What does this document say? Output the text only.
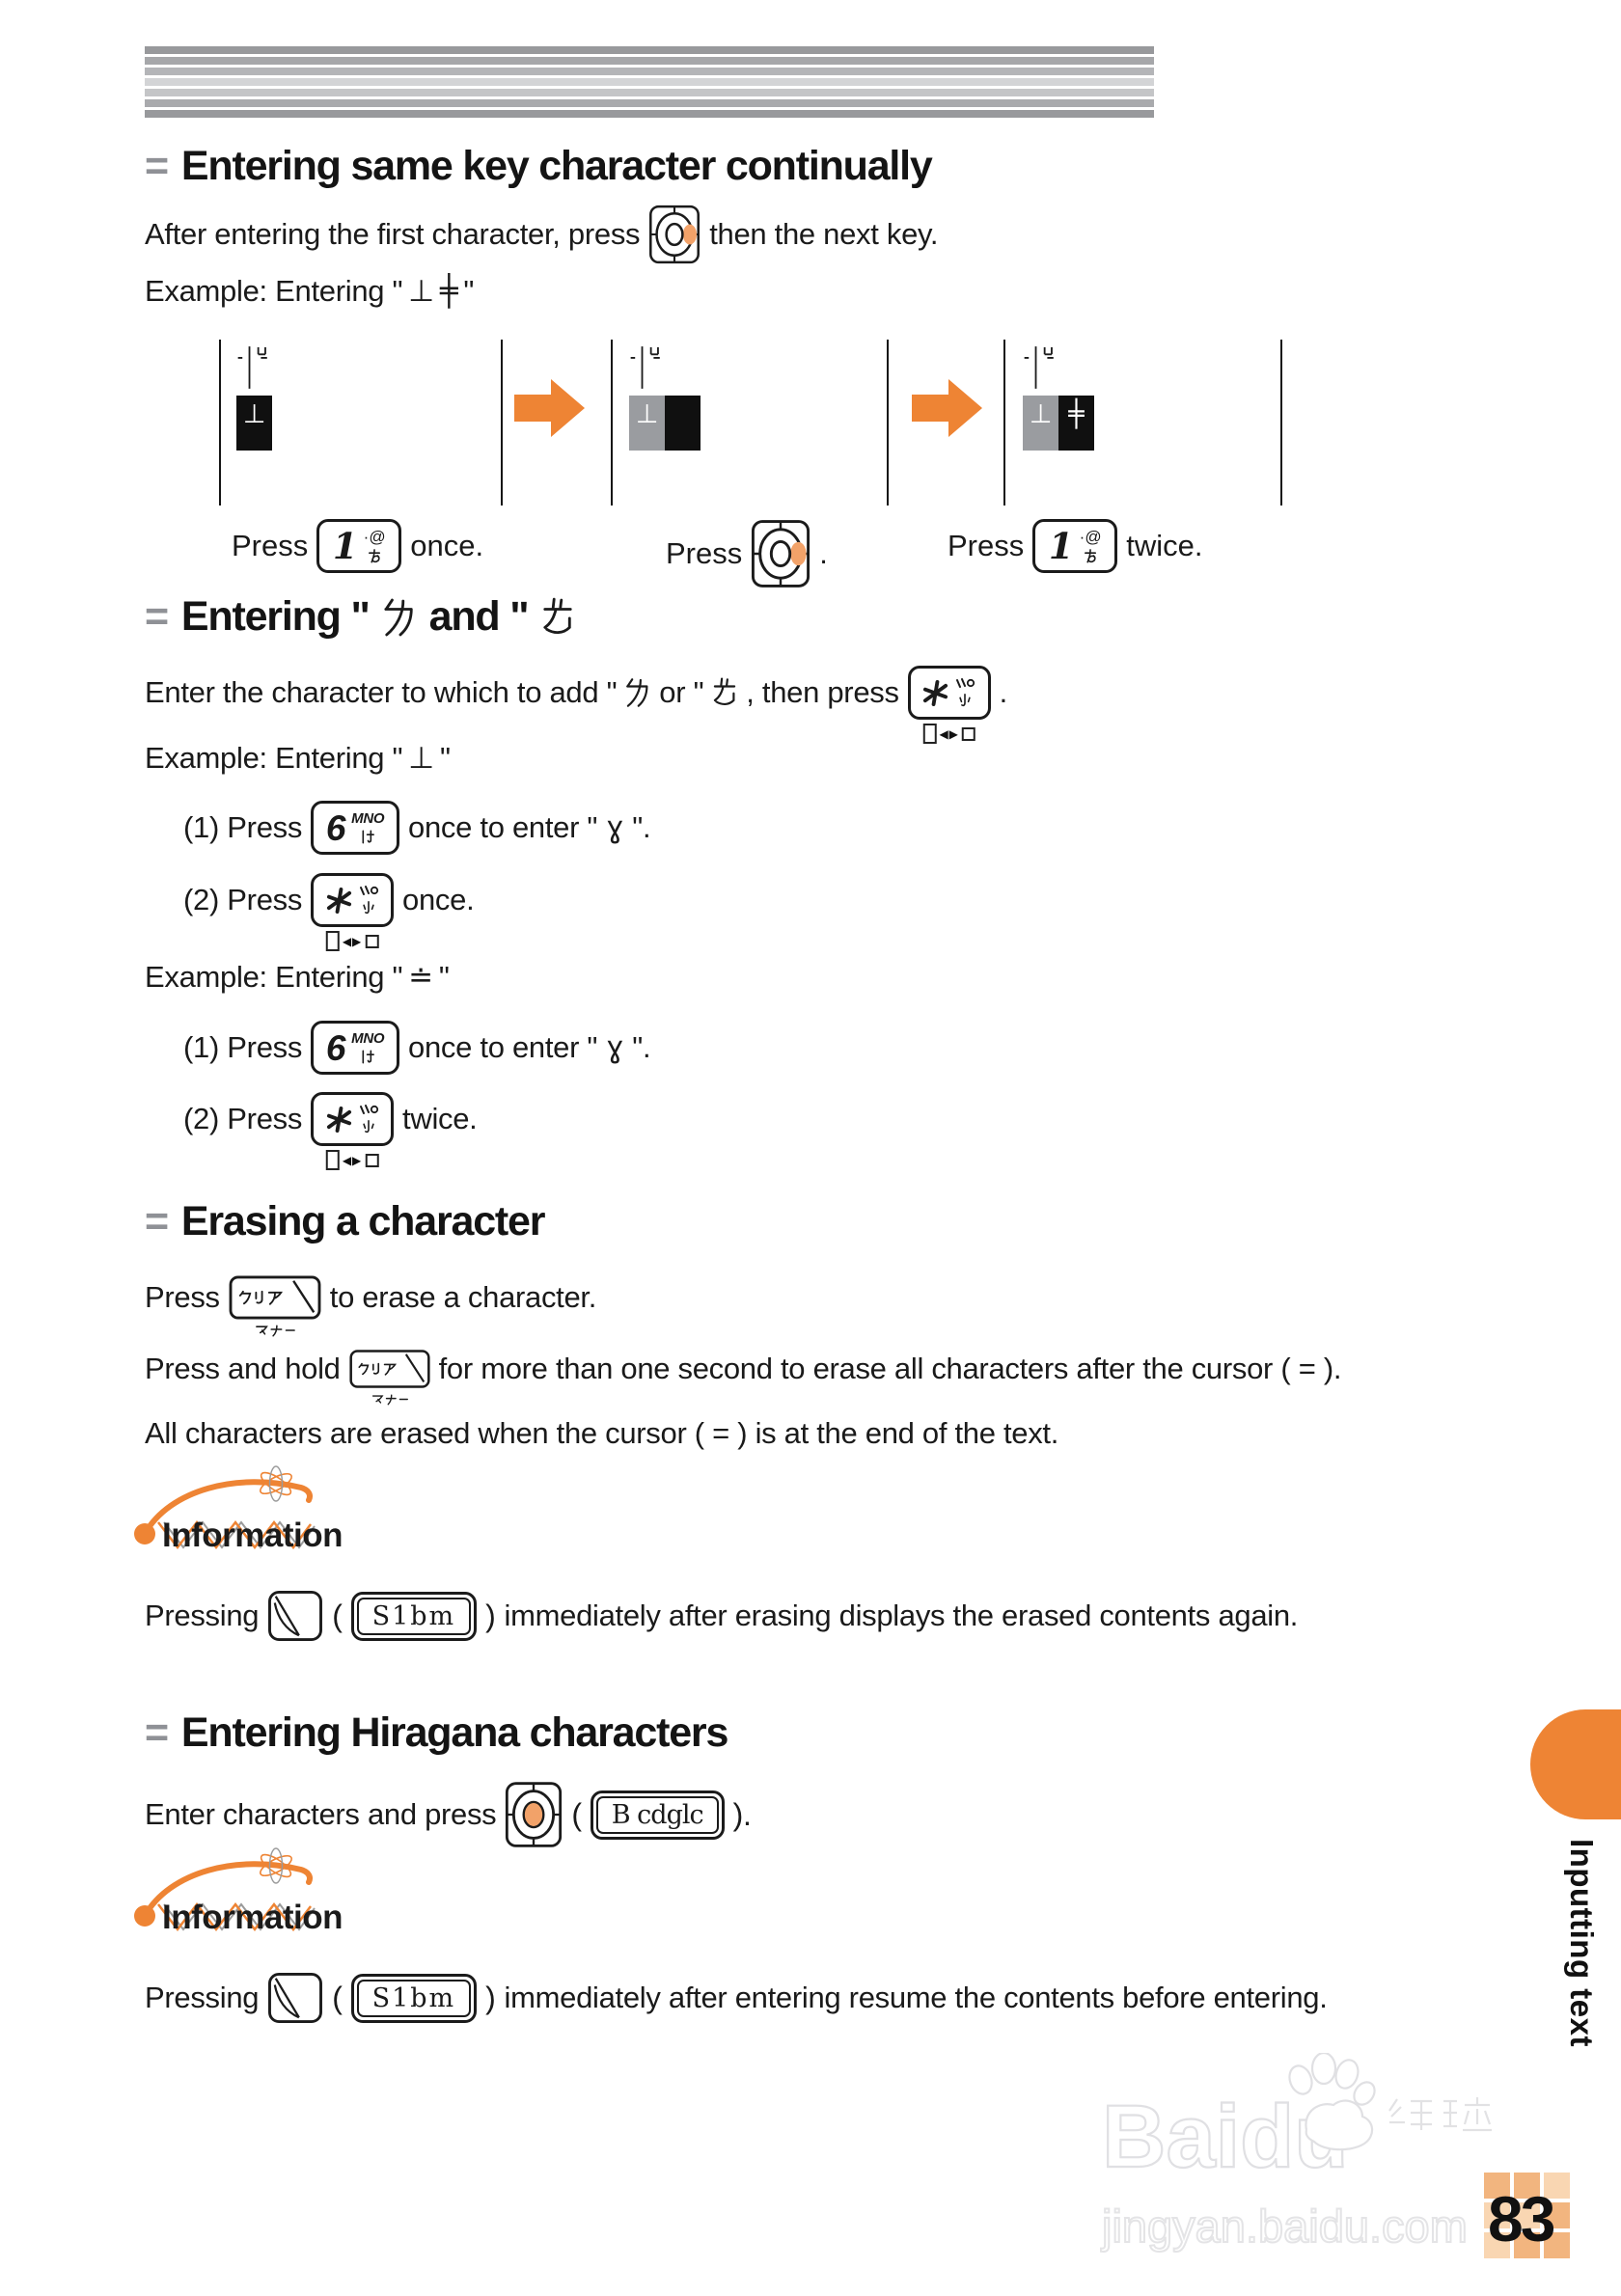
= Entering same key character continually
After entering the first character, press then the next key.
Example: Entering " ⊥ ╪ "
⊥	⊥	⊥ ╪
Press 1 ·@ once.	Press	.	Press 1 ·@ twice.
= Entering " and "
Enter the character to which to add " or " , then press
◀▶
.
Example: Entering " ⊥ "
(1) Press 6 MNO once to enter " ɣ ".
(2) Press
◀▶
once.
Example: Entering " ≐ "
(1) Press 6 MNO once to enter " ɣ ".
(2) Press
◀▶
twice.
= Erasing a character
Press	to erase a character.
Press and hold	for more than one second to erase all characters after the cursor ( = ).
All characters are erased when the cursor ( = ) is at the end of the text.
Information
Pressing (	S1bm ) immediately after erasing displays the erased contents again.
= Entering Hiragana characters
Enter characters and press (	B cdglc ).
Information
Pressing (	S1bm ) immediately after entering resume the contents before entering.	Inputting text
83
